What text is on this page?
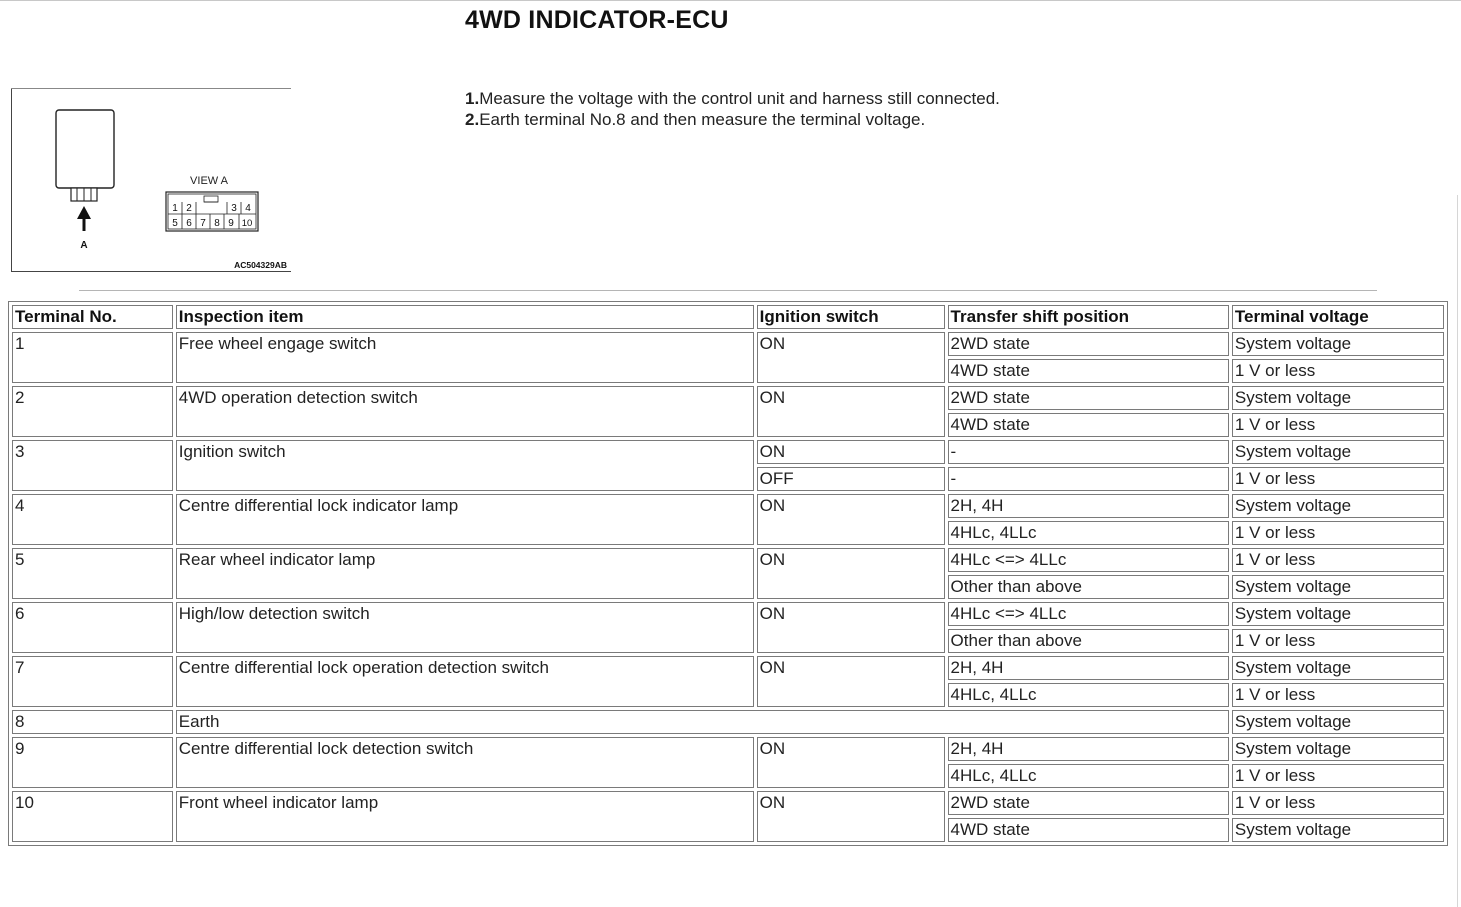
4WD INDICATOR-ECU
A
VIEW A
1 2	3 4
5 6 7 8 9 10
AC504329AB
1.Measure the voltage with the control unit and harness still connected.
2.Earth terminal No.8 and then measure the terminal voltage.
Terminal No.	Inspection item	Ignition switch	Transfer shift position	Terminal voltage
1	Free wheel engage switch	ON	2WD state	System voltage
			4WD state	1 V or less
2	4WD operation detection switch	ON	2WD state	System voltage
			4WD state	1 V or less
3	Ignition switch	ON	-	System voltage
		OFF	-	1 V or less
4	Centre differential lock indicator lamp	ON	2H, 4H	System voltage
			4HLc, 4LLc	1 V or less
5	Rear wheel indicator lamp	ON	4HLc <=> 4LLc	1 V or less
			Other than above	System voltage
6	High/low detection switch	ON	4HLc <=> 4LLc	System voltage
			Other than above	1 V or less
7	Centre differential lock operation detection switch	ON	2H, 4H	System voltage
			4HLc, 4LLc	1 V or less
8	Earth			System voltage
9	Centre differential lock detection switch	ON	2H, 4H	System voltage
			4HLc, 4LLc	1 V or less
10	Front wheel indicator lamp	ON	2WD state	1 V or less
			4WD state	System voltage
